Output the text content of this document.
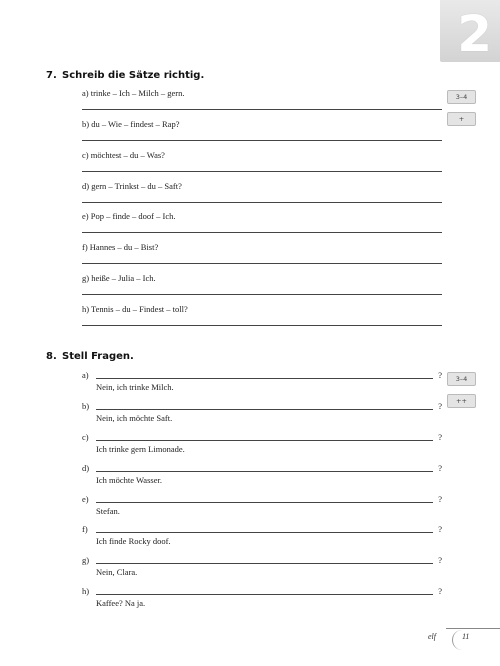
2
7. Schreib die Sätze richtig.
3–4
+
a) trinke – Ich – Milch – gern.
b) du – Wie – findest – Rap?
c) möchtest – du – Was?
d) gern – Trinkst – du – Saft?
e) Pop – finde – doof – Ich.
f) Hannes – du – Bist?
g) heiße – Julia – Ich.
h) Tennis – du – Findest – toll?
8. Stell Fragen.
3–4
++
a)	?
Nein, ich trinke Milch.
b)	?
Nein, ich möchte Saft.
c)	?
Ich trinke gern Limonade.
d)	?
Ich möchte Wasser.
e)	?
Stefan.
f)	?
Ich finde Rocky doof.
g)	?
Nein, Clara.
h)	?
Kaffee? Na ja.
elf	11
